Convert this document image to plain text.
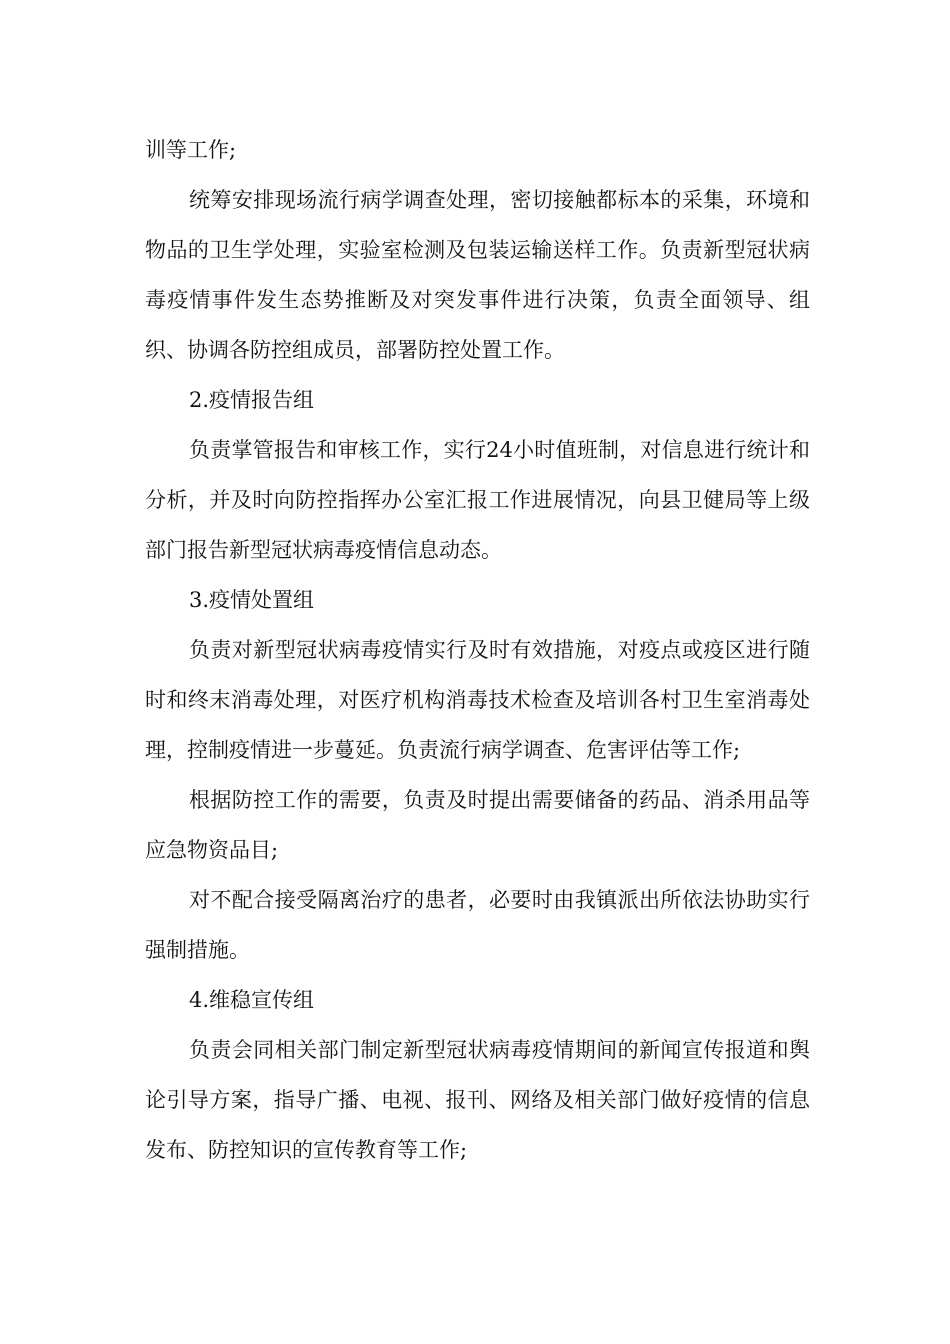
训等工作;

统筹安排现场流行病学调查处理，密切接触都标本的采集，环境和物品的卫生学处理，实验室检测及包装运输送样工作。负责新型冠状病毒疫情事件发生态势推断及对突发事件进行决策，负责全面领导、组织、协调各防控组成员，部署防控处置工作。

2.疫情报告组

负责掌管报告和审核工作，实行24小时值班制，对信息进行统计和分析，并及时向防控指挥办公室汇报工作进展情况，向县卫健局等上级部门报告新型冠状病毒疫情信息动态。

3.疫情处置组

负责对新型冠状病毒疫情实行及时有效措施，对疫点或疫区进行随时和终末消毒处理，对医疗机构消毒技术检查及培训各村卫生室消毒处理，控制疫情进一步蔓延。负责流行病学调查、危害评估等工作;

根据防控工作的需要，负责及时提出需要储备的药品、消杀用品等应急物资品目;

对不配合接受隔离治疗的患者，必要时由我镇派出所依法协助实行强制措施。

4.维稳宣传组

负责会同相关部门制定新型冠状病毒疫情期间的新闻宣传报道和舆论引导方案，指导广播、电视、报刊、网络及相关部门做好疫情的信息发布、防控知识的宣传教育等工作;
